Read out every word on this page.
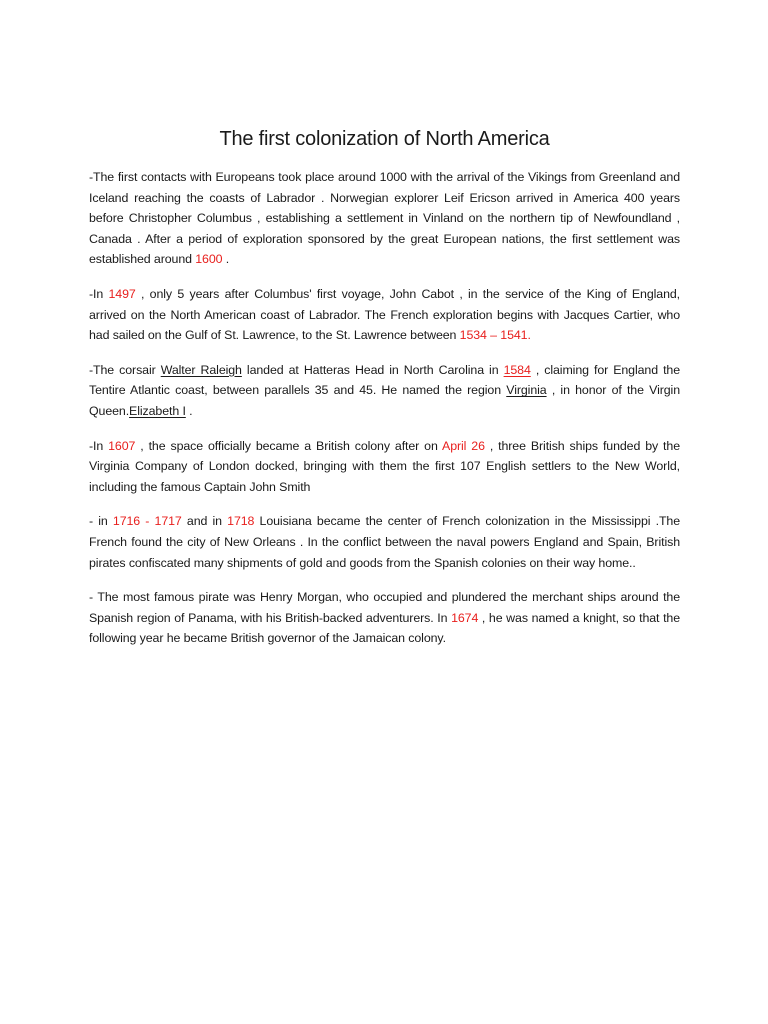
The first colonization of North America

-The first contacts with Europeans took place around 1000 with the arrival of the Vikings from Greenland and Iceland reaching the coasts of Labrador . Norwegian explorer Leif Ericson arrived in America 400 years before Christopher Columbus , establishing a settlement in Vinland on the northern tip of Newfoundland , Canada . After a period of exploration sponsored by the great European nations, the first settlement was established around 1600 .

-In 1497 , only 5 years after Columbus' first voyage, John Cabot , in the service of the King of England, arrived on the North American coast of Labrador. The French exploration begins with Jacques Cartier, who had sailed on the Gulf of St. Lawrence, to the St. Lawrence between 1534 – 1541.

-The corsair Walter Raleigh landed at Hatteras Head in North Carolina in 1584 , claiming for England the Tentire Atlantic coast, between parallels 35 and 45. He named the region Virginia , in honor of the Virgin Queen.Elizabeth I .

-In 1607 , the space officially became a British colony after on April 26 , three British ships funded by the Virginia Company of London docked, bringing with them the first 107 English settlers to the New World, including the famous Captain John Smith

- in 1716 - 1717 and in 1718 Louisiana became the center of French colonization in the Mississippi .The French found the city of New Orleans . In the conflict between the naval powers England and Spain, British pirates confiscated many shipments of gold and goods from the Spanish colonies on their way home..

- The most famous pirate was Henry Morgan, who occupied and plundered the merchant ships around the Spanish region of Panama, with his British-backed adventurers. In 1674 , he was named a knight, so that the following year he became British governor of the Jamaican colony.
